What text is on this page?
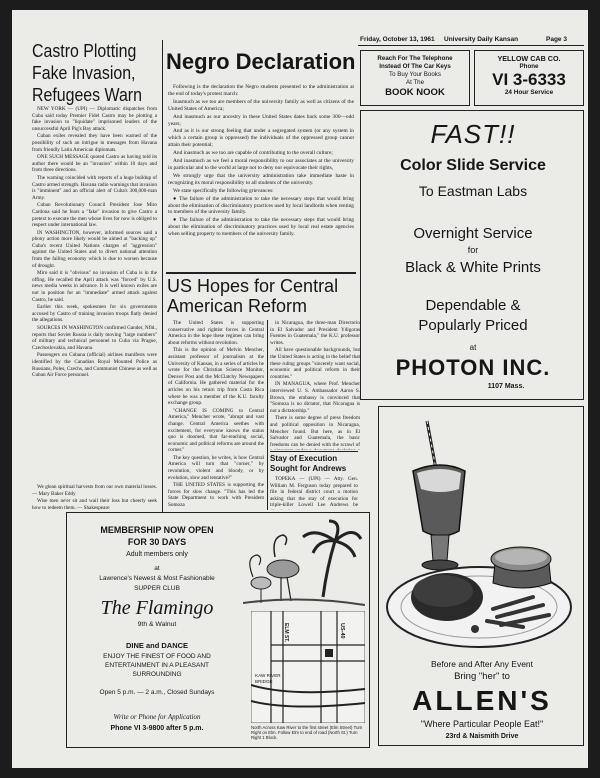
Friday, October 13, 1961 University Daily Kansan	Page 3
Castro Plotting Fake Invasion, Refugees Warn

NEW YORK — (UPI) — Diplomatic dispatches from Cuba said today Premier Fidel Castro may be plotting a fake invasion to "liquidate" imprisoned leaders of the unsuccessful April Pig's Bay attack.

Cuban exiles revealed they have been warned of the possibility of such an intrigue in messages from Havana from friendly Latin American diplomats.

ONE SUCH MESSAGE quoted Castro as having told its author there would be an "invasion" within 10 days and from three directions.

The warning coincided with reports of a huge buildup of Castro armed strength. Havana radio warnings that invasion is "imminent" and an official alert of Cuba's 300,000-man Army.

Cuban Revolutionary Council President Jose Miro Cardona said he fears a "fake" invasion to give Castro a pretext to execute the men whose lives for now is obliged to respect under international law.

IN WASHINGTON, however, informed sources said a phony action more likely would be aimed at "backing up" Cuba's recent United Nations charges of "aggression" against the United States and to divert national attention from the failing economy which is due to worsen because of drought.

Miro said it is "obvious" no invasion of Cuba is in the offing. He recalled the April attack was "forced" by U.S. news media weeks in advance. It is well known exiles are not in position for an "immediate" armed attack against Castro, he said.

Earlier this week, spokesmen for six governments accused by Castro of training invasion troops flatly denied the allegations.

SOURCES IN WASHINGTON confirmed Gander, Nfld., reports that Soviet Russia is daily moving "large numbers" of military and technical personnel to Cuba via Prague, Czechoslovakia, and Havana.

Passengers on Cubana (official) airlines manifests were identified by the Canadian Royal Mounted Police as Russians, Poles, Czechs, and Communist Chinese as well as Cuban Air Force personnel.

We glean spiritual harvests from our own material losses. — Mary Baker Eddy

Wise men ne'er sit and wail their loss but cheerly seek how to redeem them. — Shakespeare

Negro Declaration

Following is the declaration the Negro students presented to the administration at the end of today's protest march:

Inasmuch as we too are members of the university family as well as citizens of the United States of America;

And inasmuch as our ancestry in these United States dates back some 300—odd years;

And as it is our strong feeling that under a segregated system (or any system in which a certain group is oppressed) the individuals of the oppressed group cannot attain their potential;

And inasmuch as we too are capable of contributing to the overall culture;

And inasmuch as we feel a moral responsibility to our associates at the university in particular and to the world at large not to deny nor equivocate their rights,

We strongly urge that the university administration take immediate haste in recognizing its moral responsibility to all students of the university.

We state specifically the following grievances:

● The failure of the administration to take the necessary steps that would bring about the elimination of discriminatory practices used by local landlords when renting to members of the university family.

● The failure of the administration to take the necessary steps that would bring about the elimination of discriminatory practices used by local real estate agencies when selling property to members of the university family.

US Hopes for Central American Reform

The United States is supporting conservative and rightist forces in Central America in the hope these regimes can bring about reforms without revolution.

This is the opinion of Melvin Mencher, assistant professor of journalism at the University of Kansas, in a series of articles he wrote for the Christian Science Monitor, Denver Post and the McClatchy Newspapers of California. He gathered material for the articles on his return trip from Costa Rica where he was a member of the K.U. faculty exchange group.

"CHANGE IS COMING to Central America," Mencher wrote, "abrupt and vast change. Central America seethes with excitement, for everyone knows the status quo is doomed, that far-reaching social, economic and political reforms are around the corner."

The key question, he writes, is how Central America will turn that "corner," by revolution, violent and bloody, or by evolution, slow and tentative?"

THE UNITED STATES is supporting the forces for slow change. "This has led the State Department to work with President Somoza

in Nicaragua, the three-man Directorio in El Salvador and President Ydigoras Fuentes in Guatemala," the K.U. professor writes.

All have questionable backgrounds, but the United States is acting in the belief that these ruling groups "sincerely want social, economic and political reform in their countries."

IN MANAGUA, where Prof. Mencher interviewed U. S. Ambassador Aaron S. Brown, the embassy is convinced that "Somoza is no dictator, that Nicaragua is not a dictatorship."

There is some degree of press freedom and political opposition in Nicaragua, Mencher found. But here, as in El Salvador and Guatemala, the basic freedoms can be denied with the scrawl of

Stay of Execution Sought for Andrews

TOPEKA — (UPI) — Atty. Gen. William M. Ferguson today prepared to file in federal district court a motion asking that the stay of execution for triple-killer Lowell Lee Andrews be

Reach For The Telephone
Instead Of The Car Keys
To Buy Your Books
At The
BOOK NOOK
YELLOW CAB CO.
Phone
VI 3-6333
24 Hour Service
FAST!!
Color Slide Service
To Eastman Labs
Overnight Service
for
Black & White Prints
Dependable &
Popularly Priced
at
PHOTON INC.
1107 Mass.
Before and After Any Event
Bring "her" to
ALLEN'S
"Where Particular People Eat!"
23rd & Naismith Drive
MEMBERSHIP NOW OPEN
FOR 30 DAYS
Adult members only
at
Lawrence's Newest & Most Fashionable
SUPPER CLUB
The Flamingo
9th & Walnut
DINE and DANCE
ENJOY THE FINEST OF FOOD AND
ENTERTAINMENT IN A PLEASANT
SURROUNDING
Open 5 p.m. — 2 a.m., Closed Sundays
Write or Phone for Application
Phone VI 3-9800 after 5 p.m.
ELM ST.	US-40
KAW RIVER BRIDGE
North Across Kaw River to the first street (Elm Street) Turn Right on Elm. Follow Elm to end of road (North St.) Turn Right 1 Block.
